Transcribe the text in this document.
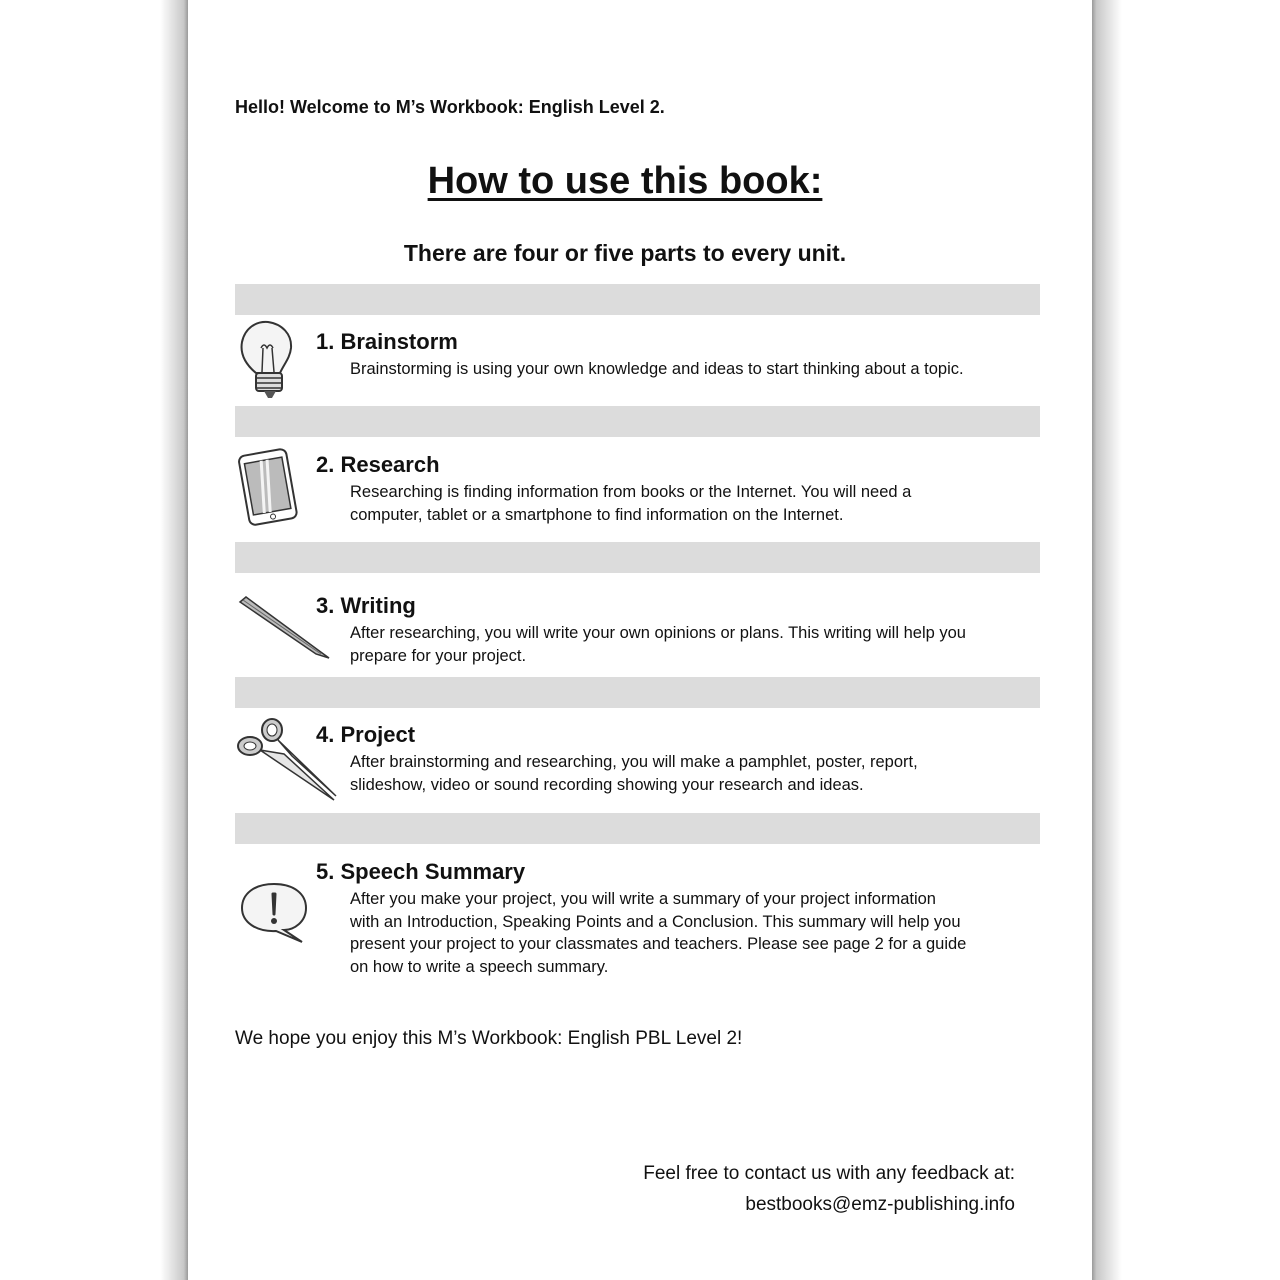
Hello! Welcome to M’s Workbook: English Level 2.
How to use this book:
There are four or five parts to every unit.
1. Brainstorm
Brainstorming is using your own knowledge and ideas to start thinking about a topic.
2. Research
Researching is finding information from books or the Internet. You will need a
computer, tablet or a smartphone to find information on the Internet.
3. Writing
After researching, you will write your own opinions or plans. This writing will help you
prepare for your project.
4. Project
After brainstorming and researching, you will make a pamphlet, poster, report,
slideshow, video or sound recording showing your research and ideas.
5. Speech Summary
After you make your project, you will write a summary of your project information
with an Introduction, Speaking Points and a Conclusion. This summary will help you
present your project to your classmates and teachers. Please see page 2 for a guide
on how to write a speech summary.
We hope you enjoy this M’s Workbook: English PBL Level 2!
Feel free to contact us with any feedback at:
bestbooks@emz-publishing.info
